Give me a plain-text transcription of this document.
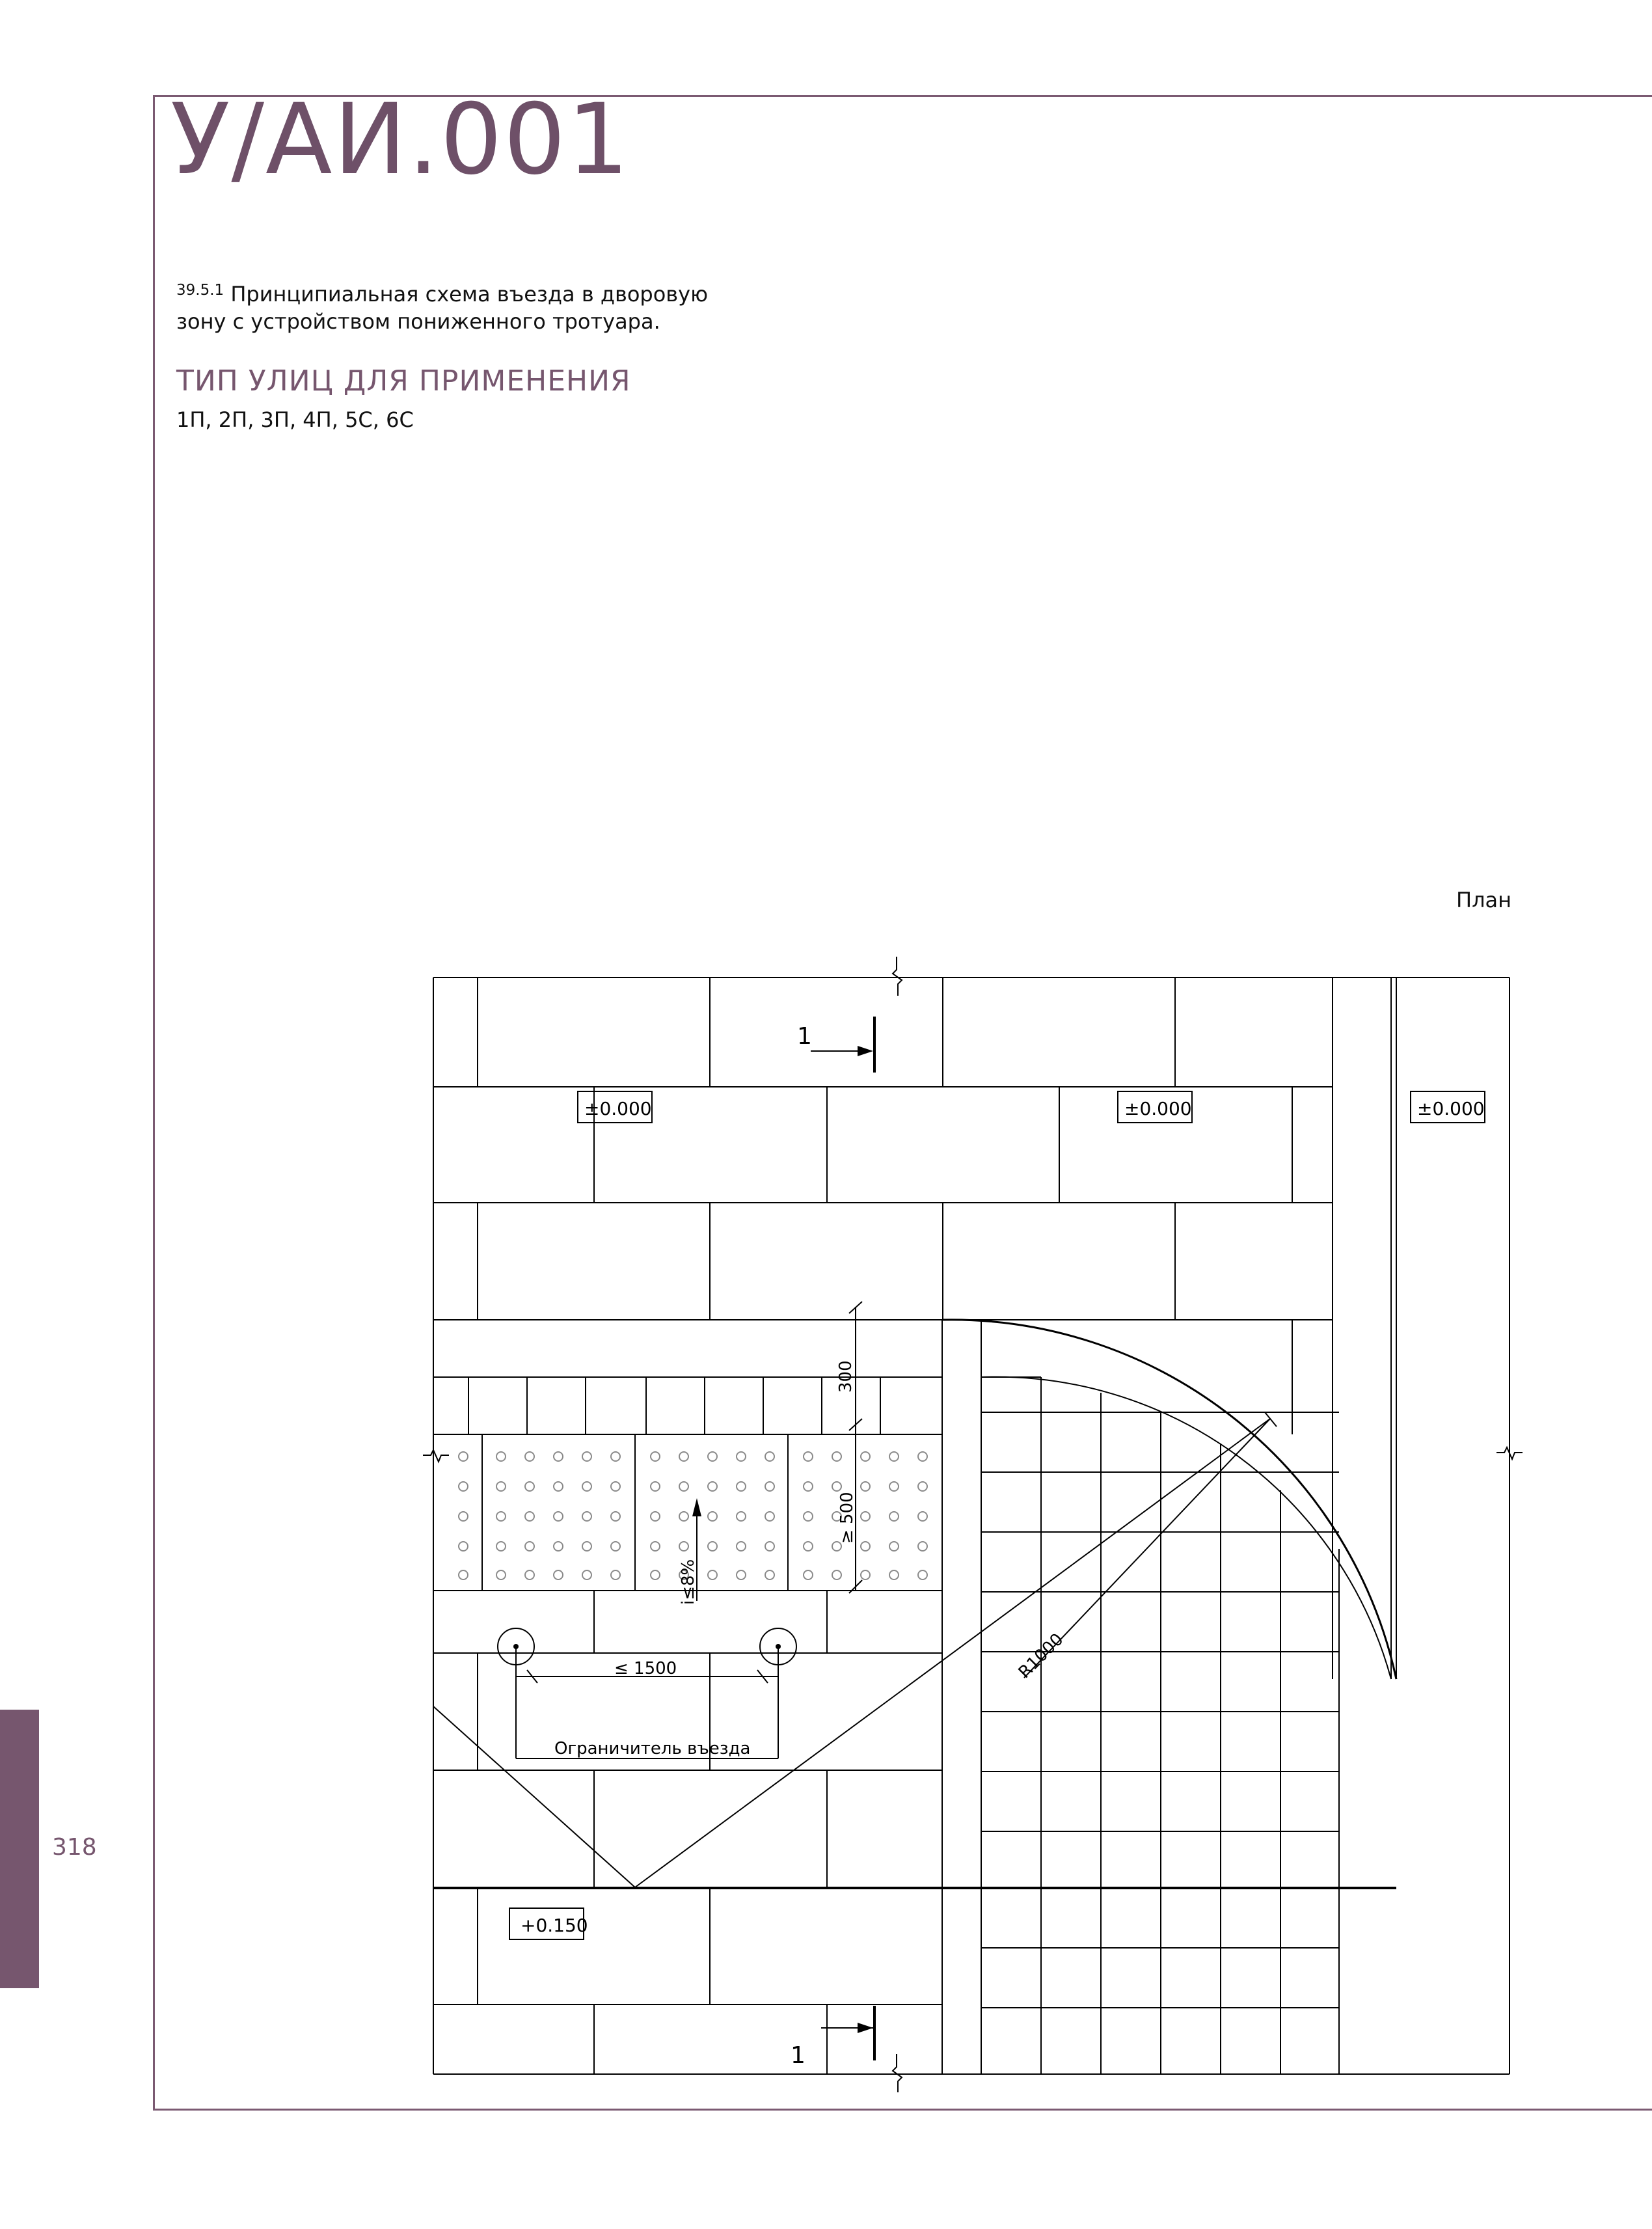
318
У/АИ.001
$^{39.5.1}$ Принципиальная схема въезда в дворовую
зону с устройством пониженного тротуара.
ТИП УЛИЦ ДЛЯ ПРИМЕНЕНИЯ
1П, 2П, 3П, 4П, 5С, 6С
План
±0.000	±0.000	±0.000
+0.150
1
1
300
≥ 500
i≤8%
R1000
≤ 1500
Ограничитель въезда
